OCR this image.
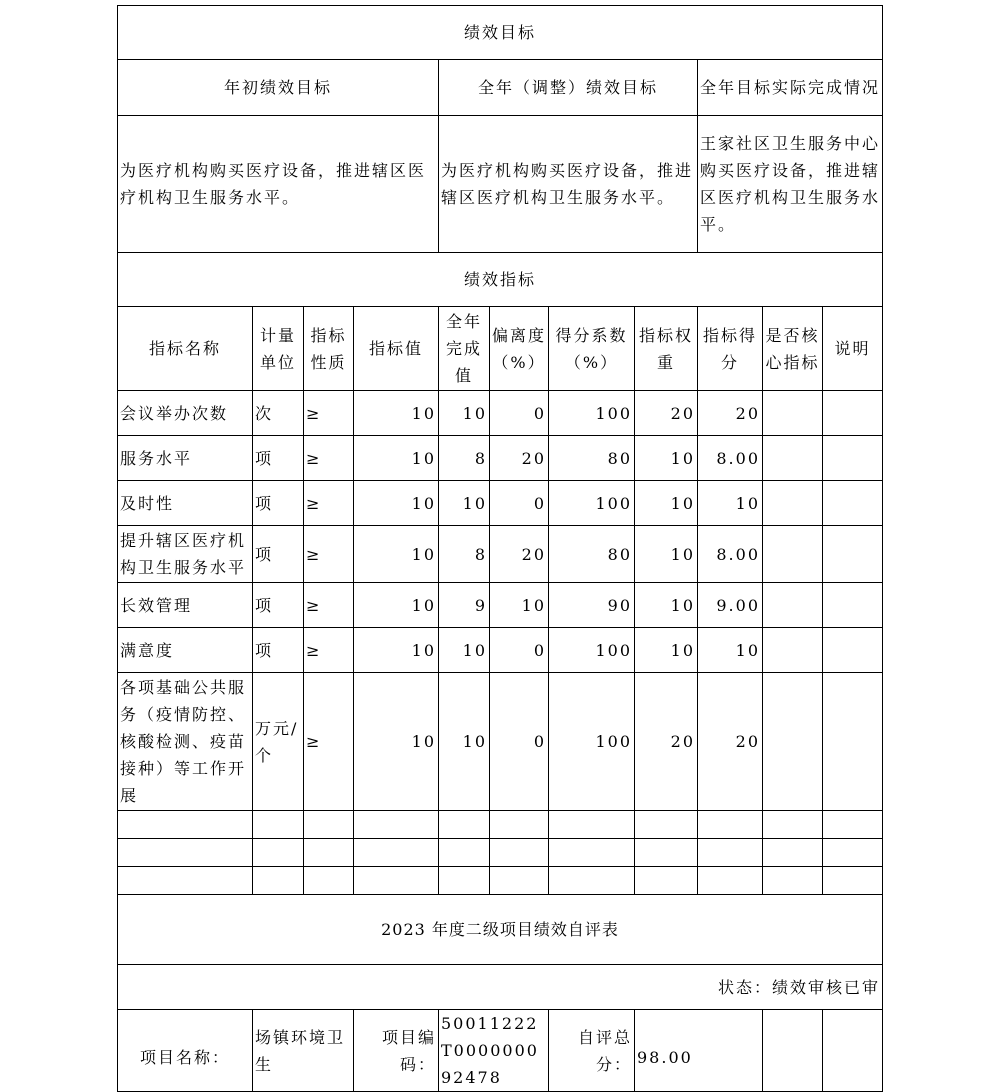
绩效目标										
年初绩效目标				全年（调整）绩效目标				全年目标实际完成情况		

为医疗机构购买医疗设备，推进辖区医疗机构卫生服务水平。				为医疗机构购买医疗设备，推进辖区医疗机构卫生服务水平。				王家社区卫生服务中心购买医疗设备，推进辖区医疗机构卫生服务水平。		

绩效指标										
指标名称	计量单位	指标性质	指标值	全年完成值	偏离度（%）	得分系数（%）	指标权重	指标得分	是否核心指标	说明
会议举办次数	次	≥	10	10	0	100	20	20		
服务水平	项	≥	10	8	20	80	10	8.00		
及时性	项	≥	10	10	0	100	10	10		

提升辖区医疗机构卫生服务水平	项	≥	10	8	20	80	10	8.00		
长效管理	项	≥	10	9	10	90	10	9.00		
满意度	项	≥	10	10	0	100	10	10		

各项基础公共服务（疫情防控、核酸检测、疫苗接种）等工作开展	万元/个	≥	10	10	0	100	20	20		

2023 年度二级项目绩效自评表										
状态：绩效审核已审										

项目名称：	场镇环境卫生		项目编码：	50011222T000000092478		自评总分：	98.00			
